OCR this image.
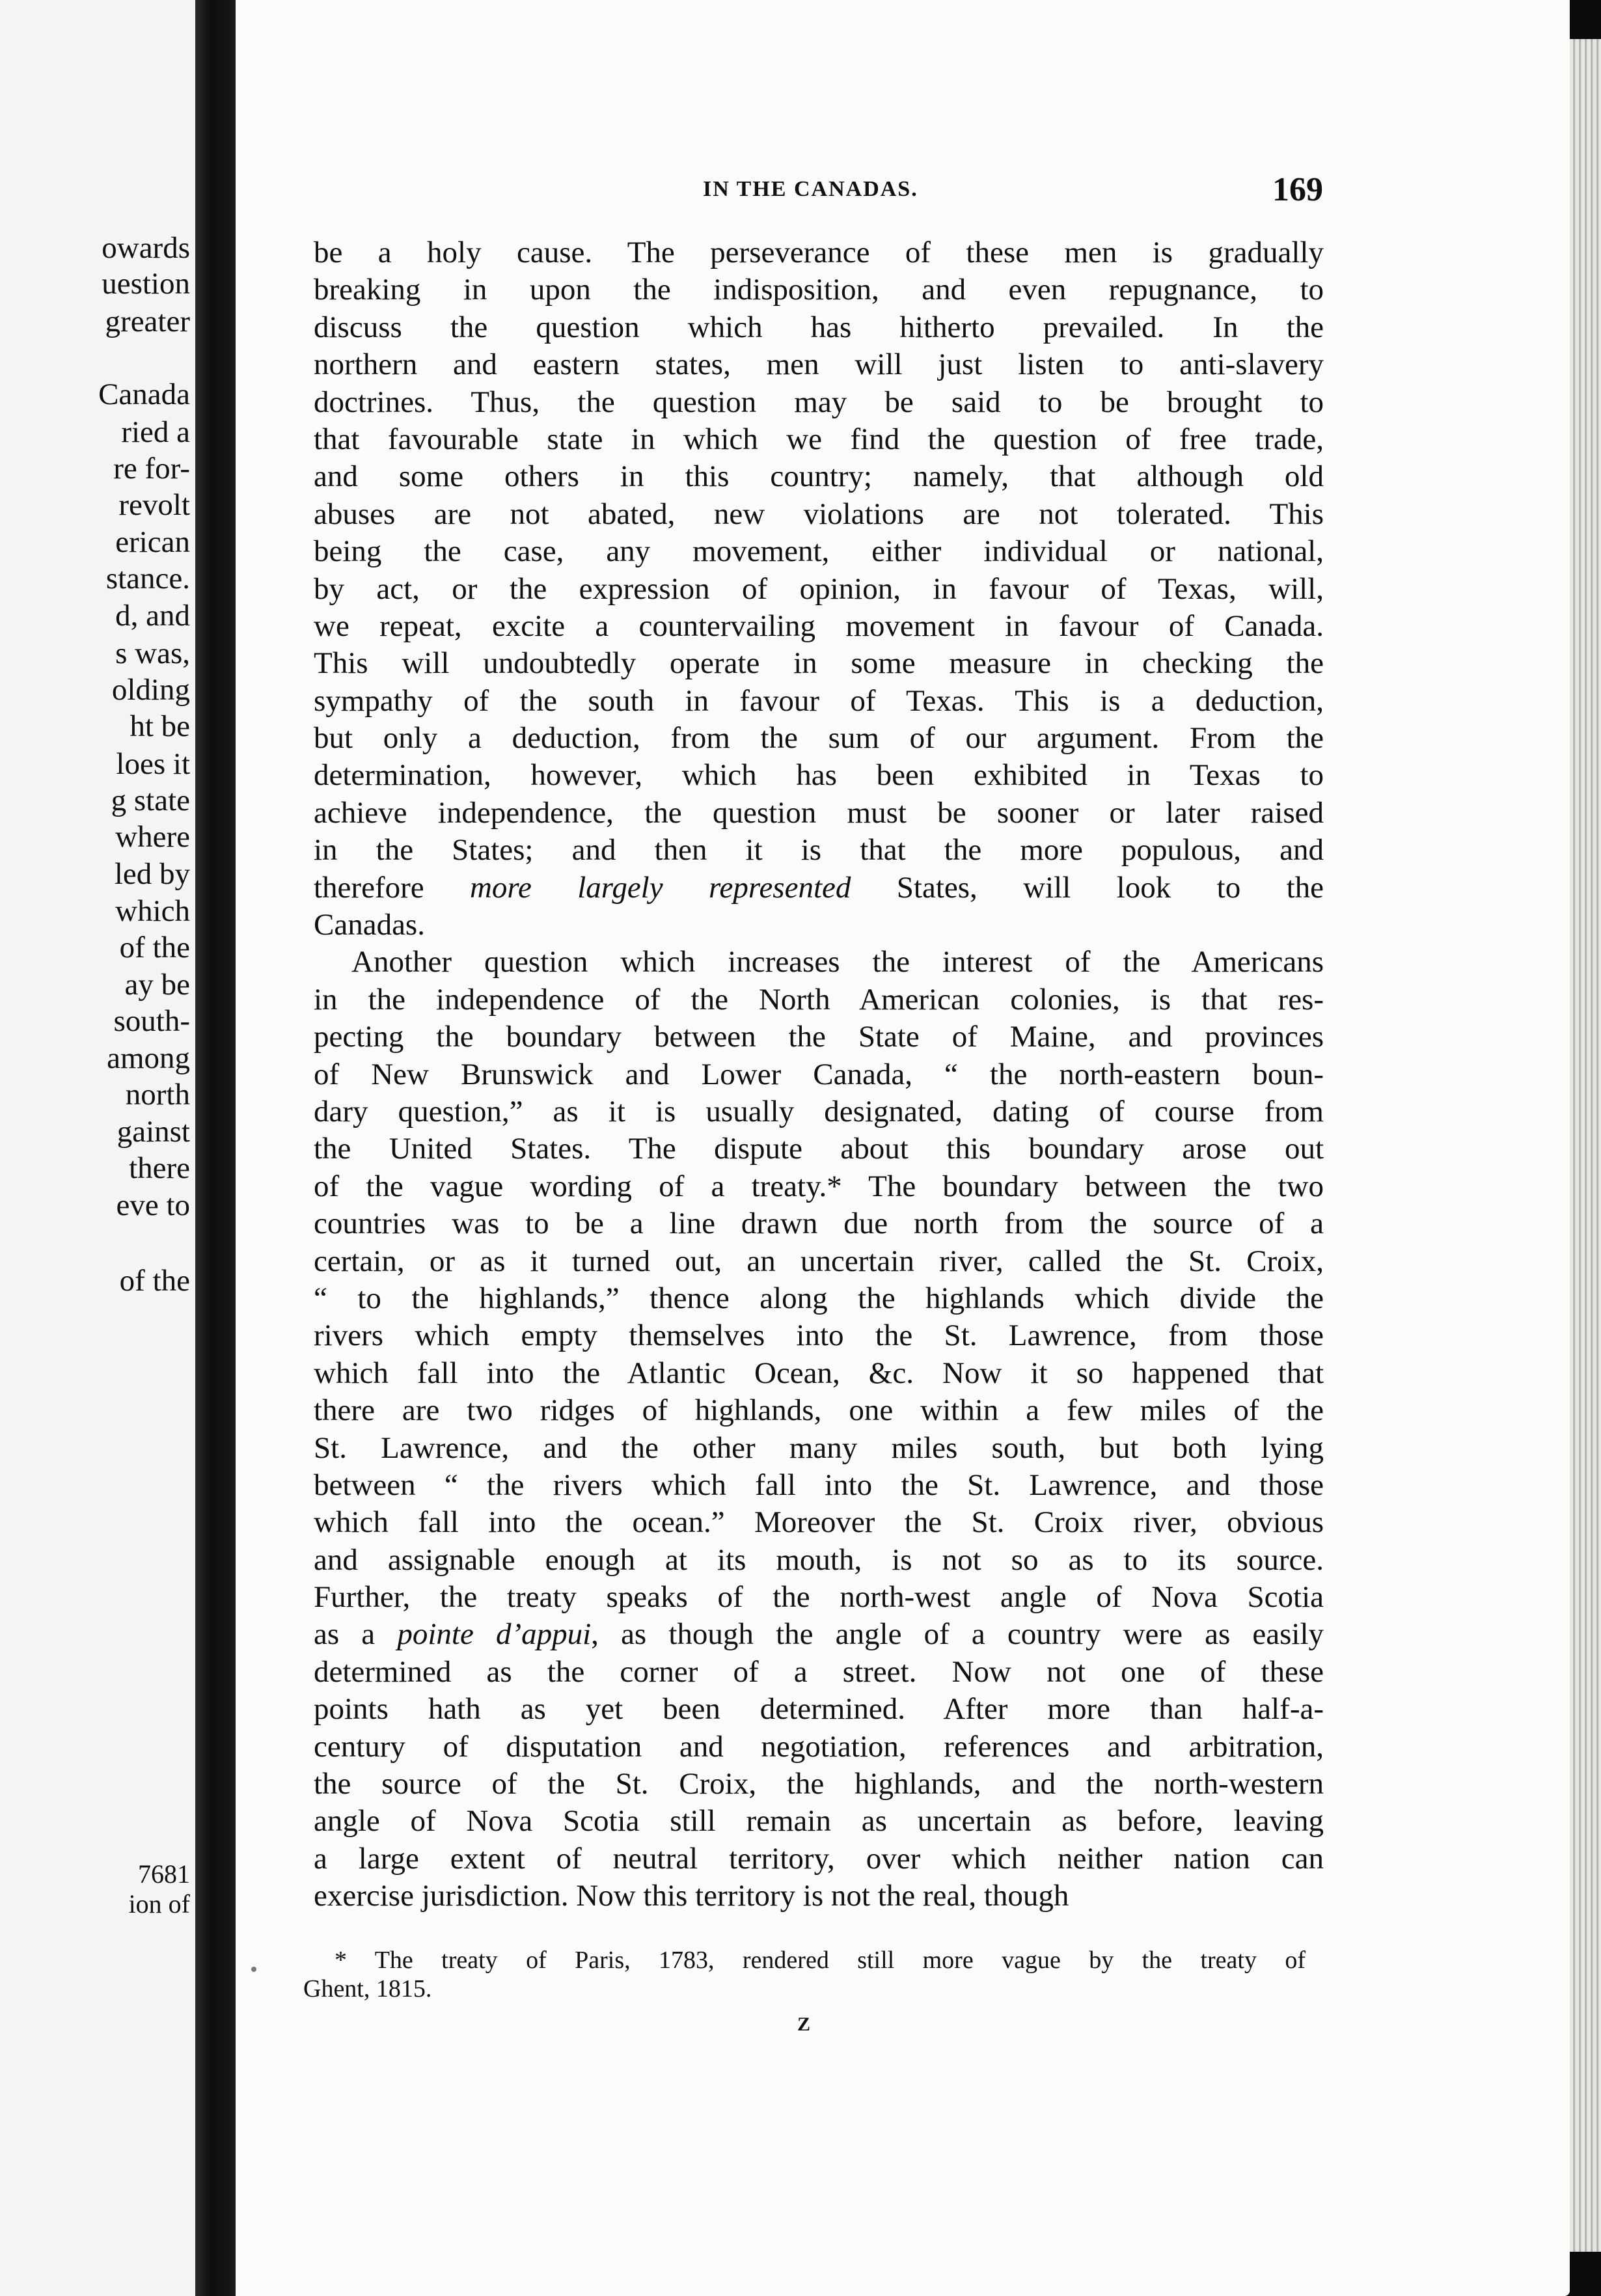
owards
uestion
greater
Canada
ried a
re for-
revolt
erican
stance.
d, and
s was,
olding
ht be
loes it
g state
where
led by
which
of the
ay be
south-
among
north
gainst
there
eve to
of the
7681
ion of
IN THE CANADAS.	169
be a holy cause. The perseverance of these men is gradually
breaking in upon the indisposition, and even repugnance, to
discuss the question which has hitherto prevailed. In the
northern and eastern states, men will just listen to anti-slavery
doctrines. Thus, the question may be said to be brought to
that favourable state in which we find the question of free trade,
and some others in this country; namely, that although old
abuses are not abated, new violations are not tolerated. This
being the case, any movement, either individual or national,
by act, or the expression of opinion, in favour of Texas, will,
we repeat, excite a countervailing movement in favour of Canada.
This will undoubtedly operate in some measure in checking the
sympathy of the south in favour of Texas. This is a deduction,
but only a deduction, from the sum of our argument. From the
determination, however, which has been exhibited in Texas to
achieve independence, the question must be sooner or later raised
in the States; and then it is that the more populous, and
therefore more largely represented States, will look to the
Canadas.
Another question which increases the interest of the Americans
in the independence of the North American colonies, is that res-
pecting the boundary between the State of Maine, and provinces
of New Brunswick and Lower Canada, “ the north-eastern boun-
dary question,” as it is usually designated, dating of course from
the United States. The dispute about this boundary arose out
of the vague wording of a treaty.* The boundary between the two
countries was to be a line drawn due north from the source of a
certain, or as it turned out, an uncertain river, called the St. Croix,
“ to the highlands,” thence along the highlands which divide the
rivers which empty themselves into the St. Lawrence, from those
which fall into the Atlantic Ocean, &c. Now it so happened that
there are two ridges of highlands, one within a few miles of the
St. Lawrence, and the other many miles south, but both lying
between “ the rivers which fall into the St. Lawrence, and those
which fall into the ocean.” Moreover the St. Croix river, obvious
and assignable enough at its mouth, is not so as to its source.
Further, the treaty speaks of the north-west angle of Nova Scotia
as a pointe d’appui, as though the angle of a country were as easily
determined as the corner of a street. Now not one of these
points hath as yet been determined. After more than half-a-
century of disputation and negotiation, references and arbitration,
the source of the St. Croix, the highlands, and the north-western
angle of Nova Scotia still remain as uncertain as before, leaving
a large extent of neutral territory, over which neither nation can
exercise jurisdiction. Now this territory is not the real, though
* The treaty of Paris, 1783, rendered still more vague by the treaty of
Ghent, 1815.
Z
